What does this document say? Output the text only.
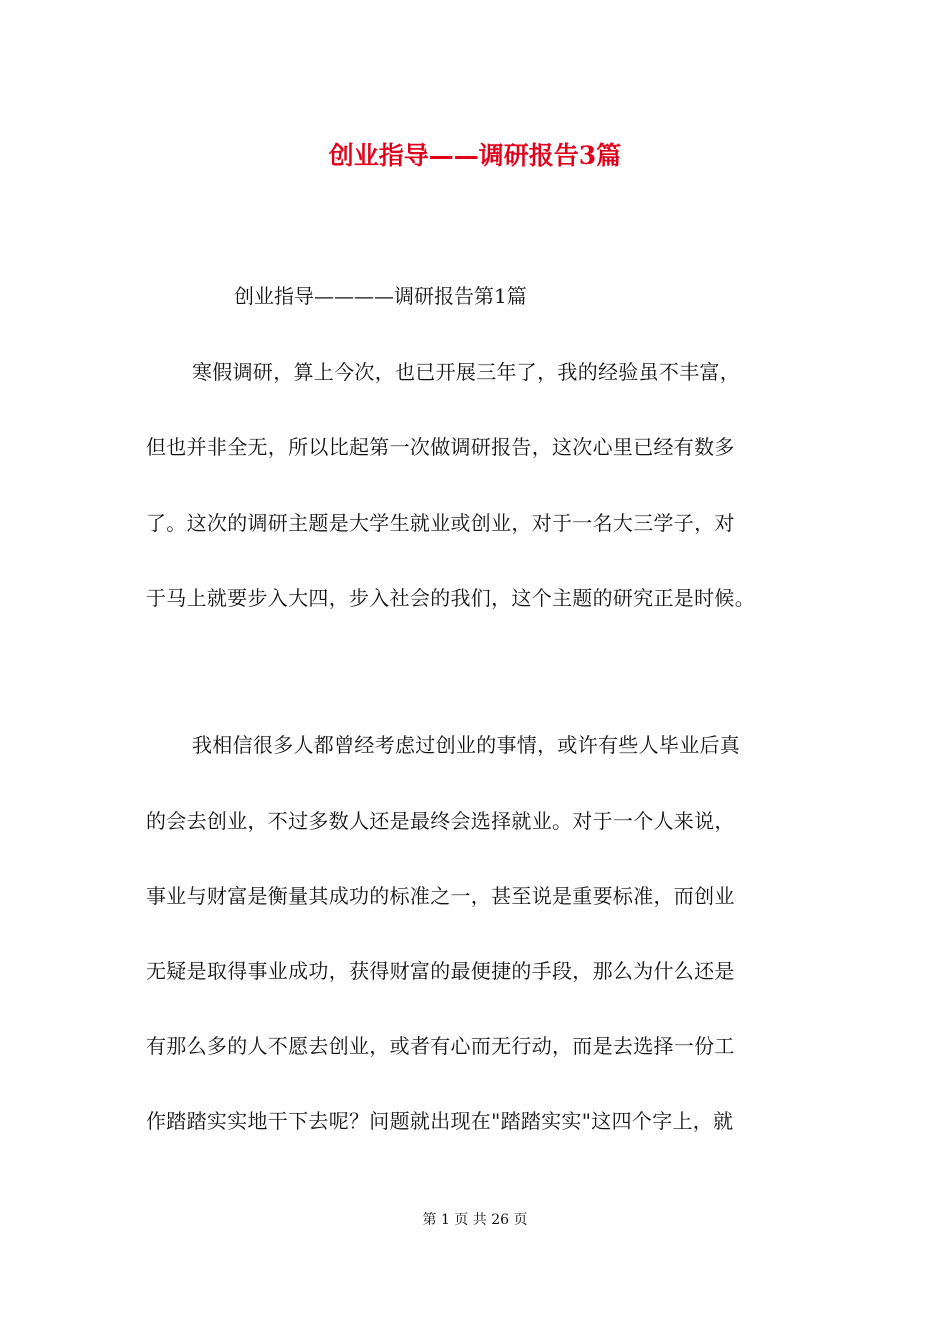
创业指导——调研报告3篇

创业指导————调研报告第1篇

寒假调研，算上今次，也已开展三年了，我的经验虽不丰富，

但也并非全无，所以比起第一次做调研报告，这次心里已经有数多

了。这次的调研主题是大学生就业或创业，对于一名大三学子，对

于马上就要步入大四，步入社会的我们，这个主题的研究正是时候。

我相信很多人都曾经考虑过创业的事情，或许有些人毕业后真

的会去创业，不过多数人还是最终会选择就业。对于一个人来说，

事业与财富是衡量其成功的标准之一，甚至说是重要标准，而创业

无疑是取得事业成功，获得财富的最便捷的手段，那么为什么还是

有那么多的人不愿去创业，或者有心而无行动，而是去选择一份工

作踏踏实实地干下去呢？问题就出现在"踏踏实实"这四个字上，就

第 1 页 共 26 页
